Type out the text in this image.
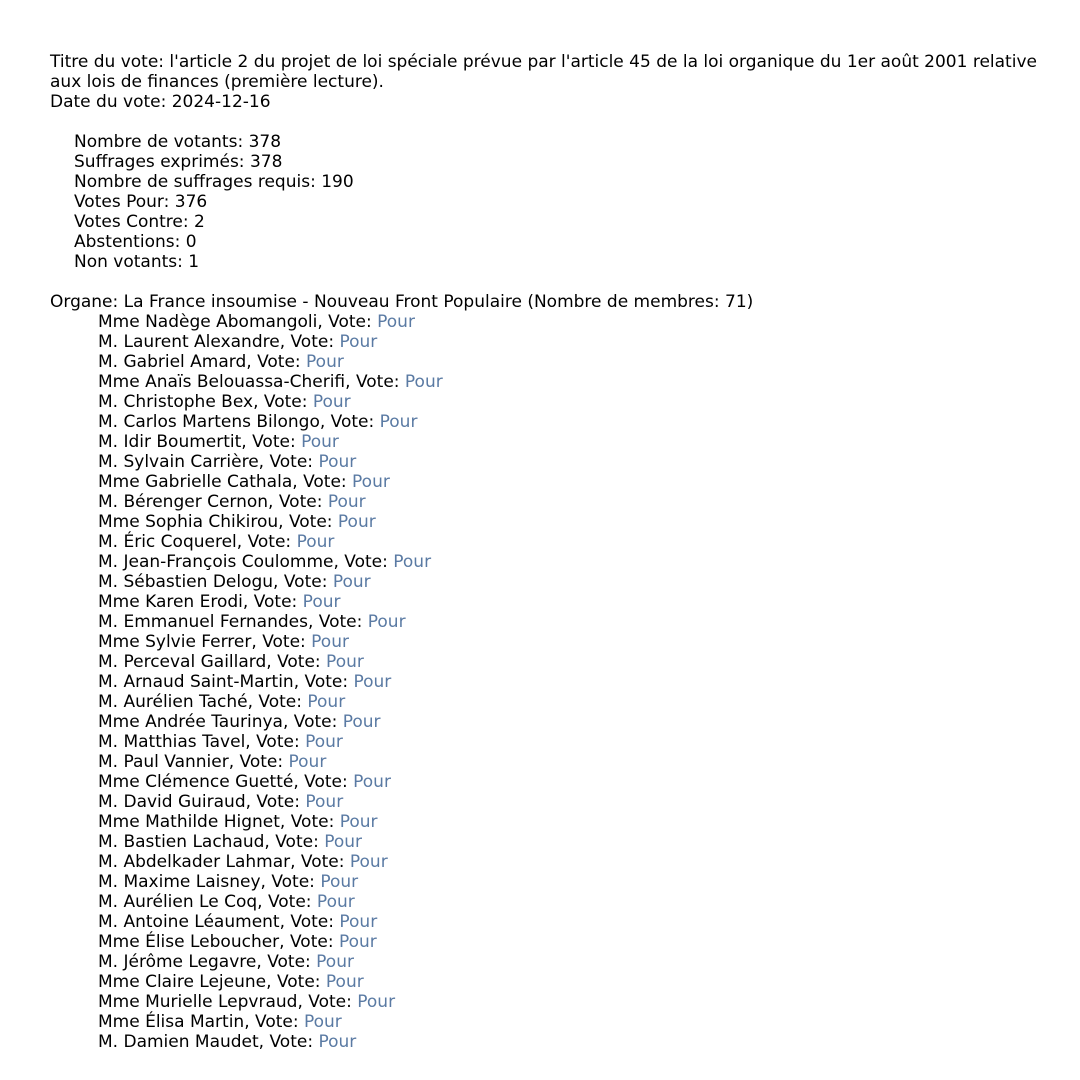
Titre du vote: l'article 2 du projet de loi spéciale prévue par l'article 45 de la loi organique du 1er août 2001 relative aux lois de finances (première lecture).
Date du vote: 2024-12-16
Nombre de votants: 378
Suffrages exprimés: 378
Nombre de suffrages requis: 190
Votes Pour: 376
Votes Contre: 2
Abstentions: 0
Non votants: 1
Organe: La France insoumise - Nouveau Front Populaire (Nombre de membres: 71)
Mme Nadège Abomangoli, Vote: Pour
M. Laurent Alexandre, Vote: Pour
M. Gabriel Amard, Vote: Pour
Mme Anaïs Belouassa-Cherifi, Vote: Pour
M. Christophe Bex, Vote: Pour
M. Carlos Martens Bilongo, Vote: Pour
M. Idir Boumertit, Vote: Pour
M. Sylvain Carrière, Vote: Pour
Mme Gabrielle Cathala, Vote: Pour
M. Bérenger Cernon, Vote: Pour
Mme Sophia Chikirou, Vote: Pour
M. Éric Coquerel, Vote: Pour
M. Jean-François Coulomme, Vote: Pour
M. Sébastien Delogu, Vote: Pour
Mme Karen Erodi, Vote: Pour
M. Emmanuel Fernandes, Vote: Pour
Mme Sylvie Ferrer, Vote: Pour
M. Perceval Gaillard, Vote: Pour
M. Arnaud Saint-Martin, Vote: Pour
M. Aurélien Taché, Vote: Pour
Mme Andrée Taurinya, Vote: Pour
M. Matthias Tavel, Vote: Pour
M. Paul Vannier, Vote: Pour
Mme Clémence Guetté, Vote: Pour
M. David Guiraud, Vote: Pour
Mme Mathilde Hignet, Vote: Pour
M. Bastien Lachaud, Vote: Pour
M. Abdelkader Lahmar, Vote: Pour
M. Maxime Laisney, Vote: Pour
M. Aurélien Le Coq, Vote: Pour
M. Antoine Léaument, Vote: Pour
Mme Élise Leboucher, Vote: Pour
M. Jérôme Legavre, Vote: Pour
Mme Claire Lejeune, Vote: Pour
Mme Murielle Lepvraud, Vote: Pour
Mme Élisa Martin, Vote: Pour
M. Damien Maudet, Vote: Pour
